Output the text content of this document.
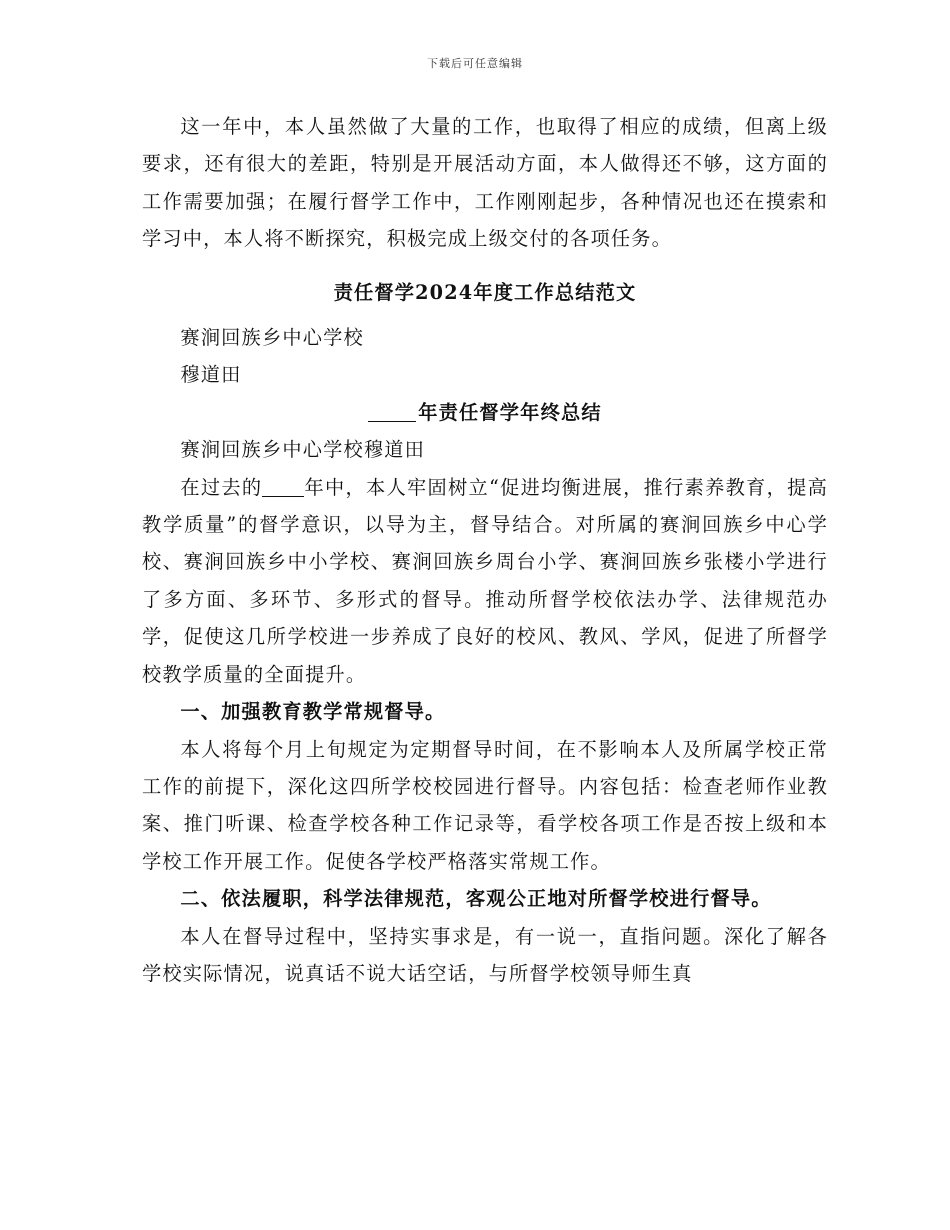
下载后可任意编辑

这一年中，本人虽然做了大量的工作，也取得了相应的成绩，但离上级要求，还有很大的差距，特别是开展活动方面，本人做得还不够，这方面的工作需要加强；在履行督学工作中，工作刚刚起步，各种情况也还在摸索和学习中，本人将不断探究，积极完成上级交付的各项任务。

责任督学2024年度工作总结范文

赛涧回族乡中心学校

穆道田

年责任督学年终总结

赛涧回族乡中心学校穆道田

在过去的 年中，本人牢固树立“促进均衡进展，推行素养教育，提高教学质量”的督学意识，以导为主，督导结合。对所属的赛涧回族乡中心学校、赛涧回族乡中小学校、赛涧回族乡周台小学、赛涧回族乡张楼小学进行了多方面、多环节、多形式的督导。推动所督学校依法办学、法律规范办学，促使这几所学校进一步养成了良好的校风、教风、学风，促进了所督学校教学质量的全面提升。

一、加强教育教学常规督导。

本人将每个月上旬规定为定期督导时间，在不影响本人及所属学校正常工作的前提下，深化这四所学校校园进行督导。内容包括：检查老师作业教案、推门听课、检查学校各种工作记录等，看学校各项工作是否按上级和本学校工作开展工作。促使各学校严格落实常规工作。

二、依法履职，科学法律规范，客观公正地对所督学校进行督导。

本人在督导过程中，坚持实事求是，有一说一，直指问题。深化了解各学校实际情况，说真话不说大话空话，与所督学校领导师生真
